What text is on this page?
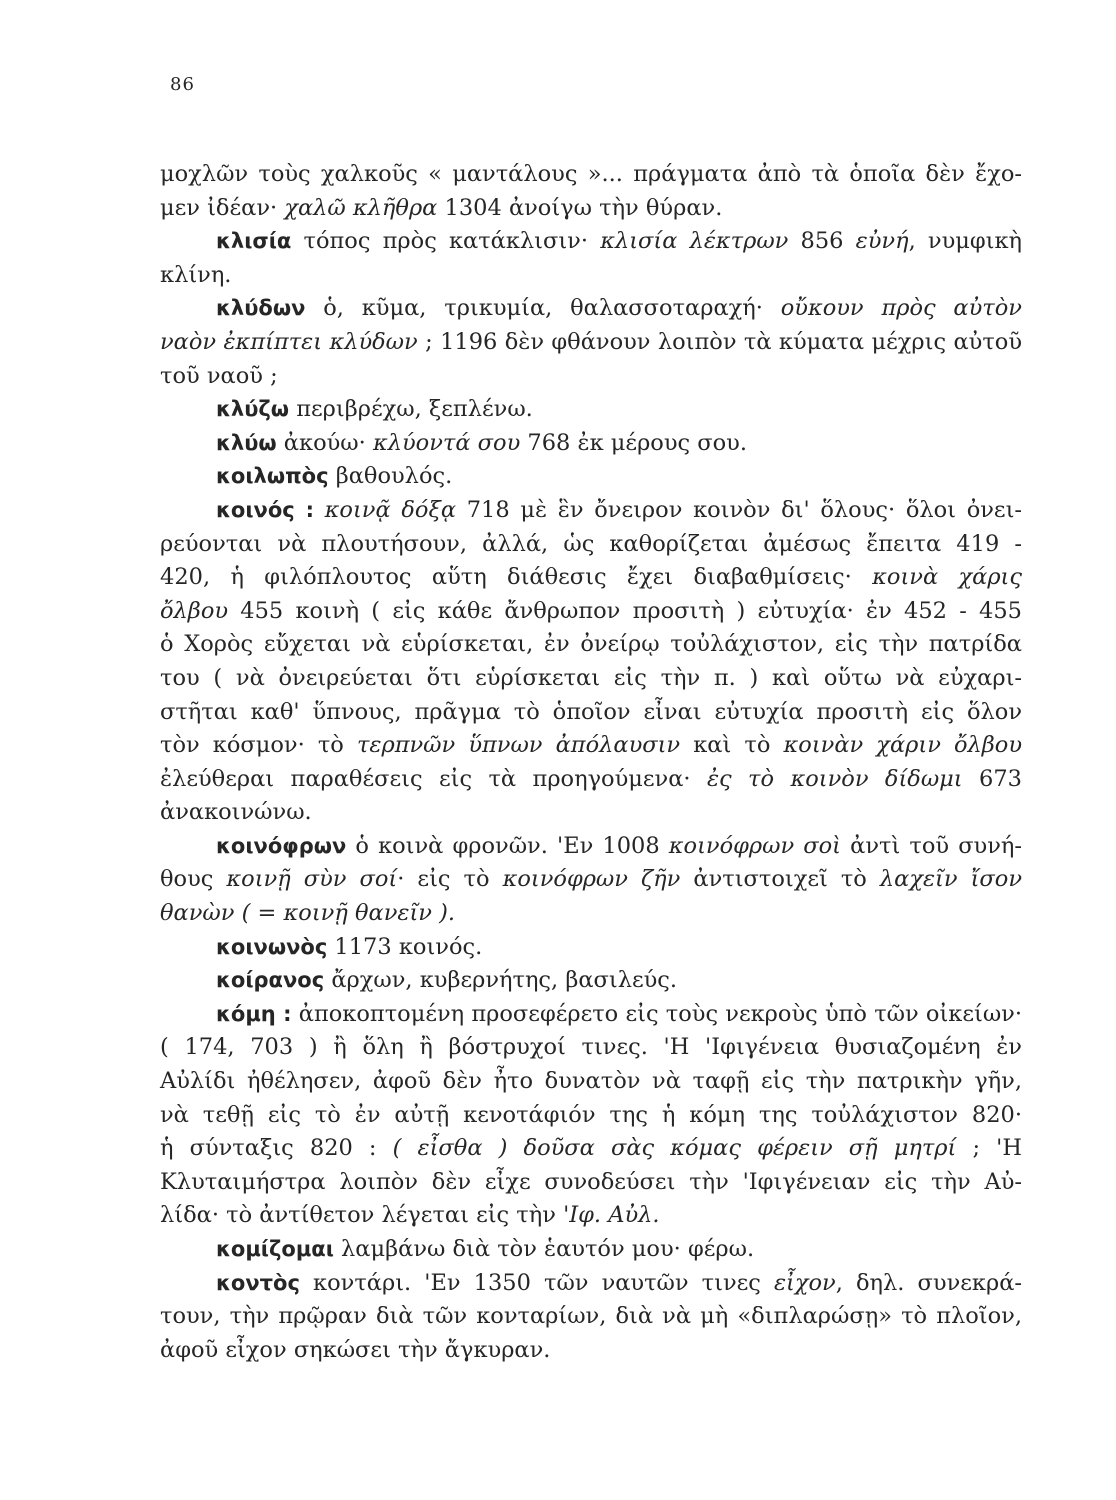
86
μοχλῶν τοὺς χαλκοῦς « μαντάλους »... πράγματα ἀπὸ τὰ ὁποῖα δὲν ἔχο-
μεν ἰδέαν· χαλῶ κλῆθρα 1304 ἀνοίγω τὴν θύραν.
κλισία τόπος πρὸς κατάκλισιν· κλισία λέκτρων 856 εὐνή, νυμφικὴ
κλίνη.
κλύδων ὁ, κῦμα, τρικυμία, θαλασσοταραχή· οὔκουν πρὸς αὐτὸν
ναὸν ἐκπίπτει κλύδων ; 1196 δὲν φθάνουν λοιπὸν τὰ κύματα μέχρις αὐτοῦ
τοῦ ναοῦ ;
κλύζω περιβρέχω, ξεπλένω.
κλύω ἀκούω· κλύοντά σου 768 ἐκ μέρους σου.
κοιλωπὸς βαθουλός.
κοινός : κοινᾷ δόξᾳ 718 μὲ ἓν ὄνειρον κοινὸν δι' ὅλους· ὅλοι ὀνει-
ρεύονται νὰ πλουτήσουν, ἀλλά, ὡς καθορίζεται ἀμέσως ἔπειτα 419 -
420, ἡ φιλόπλουτος αὕτη διάθεσις ἔχει διαβαθμίσεις· κοινὰ χάρις
ὄλβου 455 κοινὴ ( εἰς κάθε ἄνθρωπον προσιτὴ ) εὐτυχία· ἐν 452 - 455
ὁ Χορὸς εὔχεται νὰ εὑρίσκεται, ἐν ὀνείρῳ τοὐλάχιστον, εἰς τὴν πατρίδα
του ( νὰ ὀνειρεύεται ὅτι εὑρίσκεται εἰς τὴν π. ) καὶ οὕτω νὰ εὐχαρι-
στῆται καθ' ὕπνους, πρᾶγμα τὸ ὁποῖον εἶναι εὐτυχία προσιτὴ εἰς ὅλον
τὸν κόσμον· τὸ τερπνῶν ὕπνων ἀπόλαυσιν καὶ τὸ κοινὰν χάριν ὄλβου
ἐλεύθεραι παραθέσεις εἰς τὰ προηγούμενα· ἐς τὸ κοινὸν δίδωμι 673
ἀνακοινώνω.
κοινόφρων ὁ κοινὰ φρονῶν. 'Εν 1008 κοινόφρων σοὶ ἀντὶ τοῦ συνή-
θους κοινῇ σὺν σοί· εἰς τὸ κοινόφρων ζῆν ἀντιστοιχεῖ τὸ λαχεῖν ἴσον
θανὼν ( = κοινῇ θανεῖν ).
κοινωνὸς 1173 κοινός.
κοίρανος ἄρχων, κυβερνήτης, βασιλεύς.
κόμη : ἀποκοπτομένη προσεφέρετο εἰς τοὺς νεκροὺς ὑπὸ τῶν οἰκείων·
( 174, 703 ) ἢ ὅλη ἢ βόστρυχοί τινες. 'Η 'Ιφιγένεια θυσιαζομένη ἐν
Αὐλίδι ἠθέλησεν, ἀφοῦ δὲν ἦτο δυνατὸν νὰ ταφῇ εἰς τὴν πατρικὴν γῆν,
νὰ τεθῇ εἰς τὸ ἐν αὐτῇ κενοτάφιόν της ἡ κόμη της τοὐλάχιστον 820·
ἡ σύνταξις 820 : ( εἶσθα ) δοῦσα σὰς κόμας φέρειν σῇ μητρί ; 'Η
Κλυταιμήστρα λοιπὸν δὲν εἶχε συνοδεύσει τὴν 'Ιφιγένειαν εἰς τὴν Αὐ-
λίδα· τὸ ἀντίθετον λέγεται εἰς τὴν 'Ιφ. Αὐλ.
κομίζομαι λαμβάνω διὰ τὸν ἑαυτόν μου· φέρω.
κοντὸς κοντάρι. 'Εν 1350 τῶν ναυτῶν τινες εἶχον, δηλ. συνεκρά-
τουν, τὴν πρῷραν διὰ τῶν κονταρίων, διὰ νὰ μὴ «διπλαρώσῃ» τὸ πλοῖον,
ἀφοῦ εἶχον σηκώσει τὴν ἄγκυραν.
